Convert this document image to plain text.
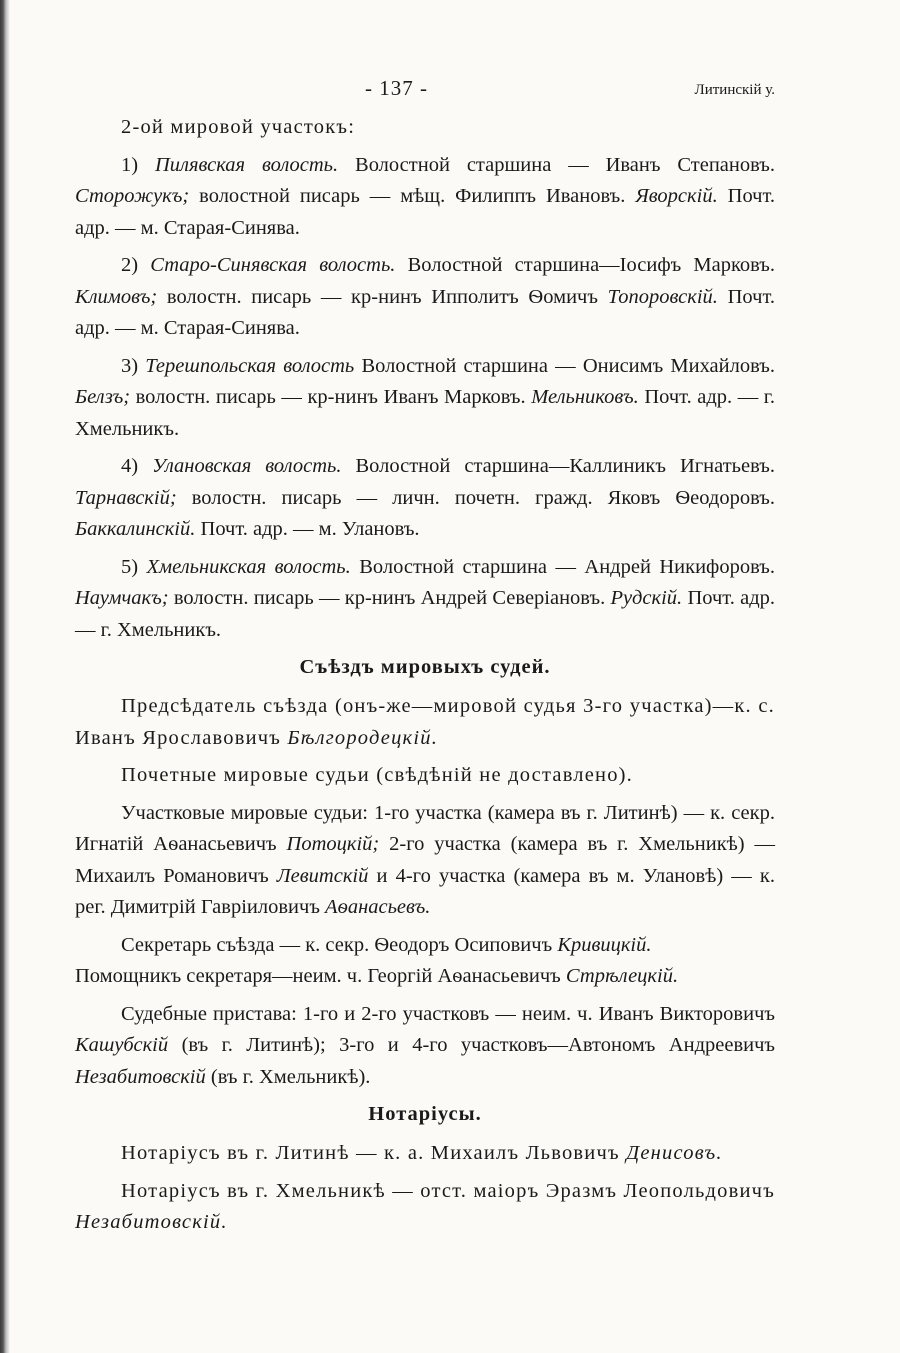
- 137 -	Литинскій у.

2-ой мировой участокъ:

1) Пилявская волость. Волостной старшина — Иванъ Степановъ. Сторожукъ; волостной писарь — мѣщ. Филиппъ Ивановъ. Яворскій. Почт. адр. — м. Старая-Синява.

2) Старо-Синявская волость. Волостной старшина—Іосифъ Марковъ. Климовъ; волостн. писарь — кр-нинъ Ипполитъ Ѳомичъ Топоровскій. Почт. адр. — м. Старая-Синява.

3) Терешпольская волость Волостной старшина — Онисимъ Михайловъ. Белзъ; волостн. писарь — кр-нинъ Иванъ Марковъ. Мельниковъ. Почт. адр. — г. Хмельникъ.

4) Улановская волость. Волостной старшина—Каллиникъ Игнатьевъ. Тарнавскій; волостн. писарь — личн. почетн. гражд. Яковъ Ѳеодоровъ. Баккалинскій. Почт. адр. — м. Улановъ.

5) Хмельникская волость. Волостной старшина — Андрей Никифоровъ. Наумчакъ; волостн. писарь — кр-нинъ Андрей Северіановъ. Рудскій. Почт. адр. — г. Хмельникъ.

Съѣздъ мировыхъ судей.

Предсѣдатель съѣзда (онъ-же—мировой судья 3-го участка)—к. с. Иванъ Ярославовичъ Бѣлгородецкій.

Почетные мировые судьи (свѣдѣній не доставлено).

Участковые мировые судьи: 1-го участка (камера въ г. Литинѣ) — к. секр. Игнатій Аѳанасьевичъ Потоцкій; 2-го участка (камера въ г. Хмельникѣ) — Михаилъ Романовичъ Левитскій и 4-го участка (камера въ м. Улановѣ) — к. рег. Димитрій Гавріиловичъ Аѳанасьевъ.

Секретарь съѣзда — к. секр. Ѳеодоръ Осиповичъ Кривицкій.

Помощникъ секретаря—неим. ч. Георгій Аѳанасьевичъ Стрѣлецкій.

Судебные пристава: 1-го и 2-го участковъ — неим. ч. Иванъ Викторовичъ Кашубскій (въ г. Литинѣ); 3-го и 4-го участковъ—Автономъ Андреевичъ Незабитовскій (въ г. Хмельникѣ).

Нотаріусы.

Нотаріусъ въ г. Литинѣ — к. а. Михаилъ Львовичъ Денисовъ.

Нотаріусъ въ г. Хмельникѣ — отст. маіоръ Эразмъ Леопольдовичъ Незабитовскій.
